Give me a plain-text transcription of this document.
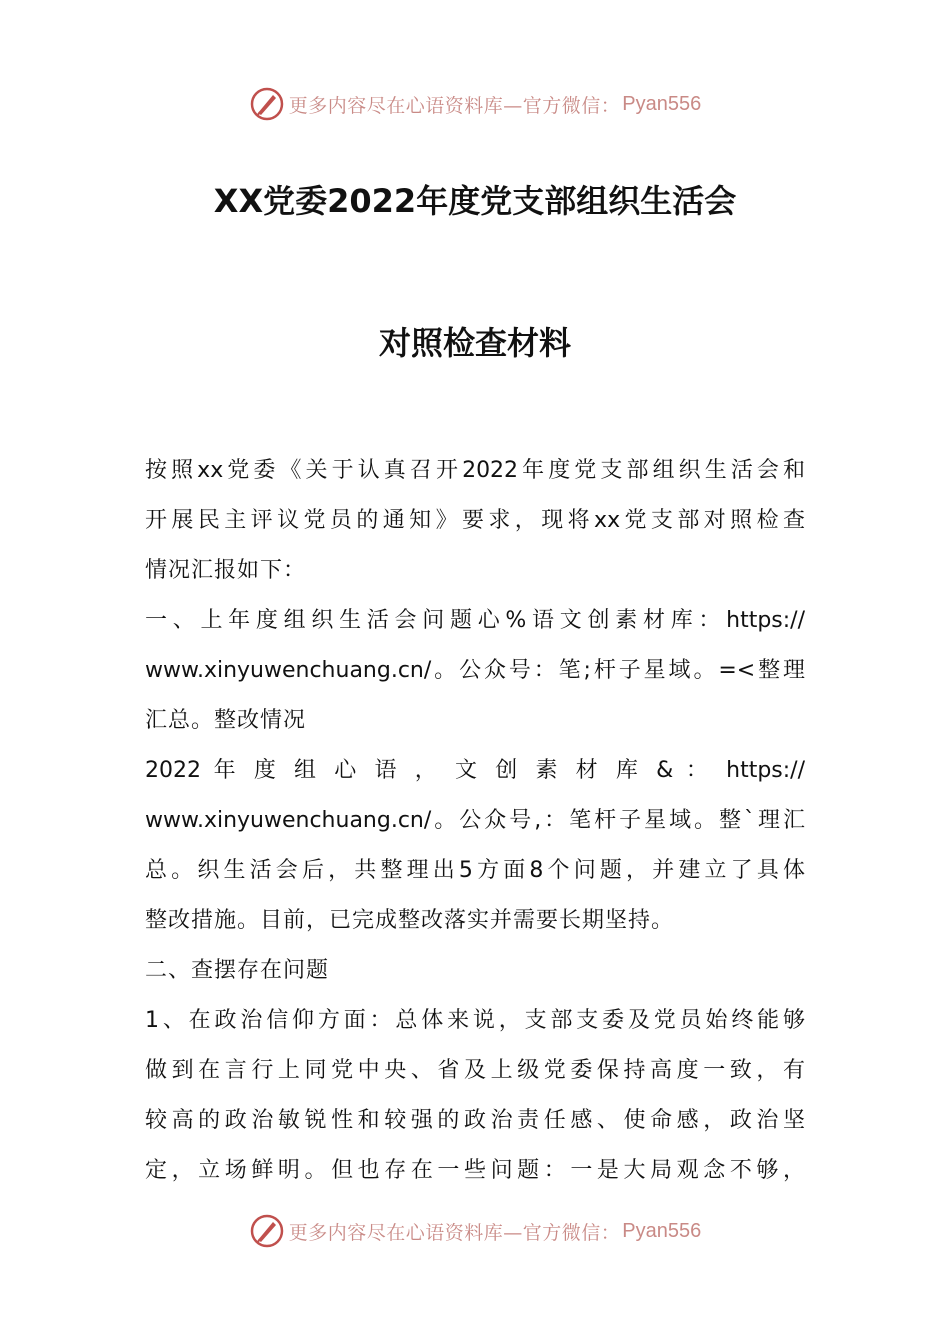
更多内容尽在心语资料库—官方微信： Pyan556
XX党委2022年度党支部组织生活会
对照检查材料
按照xx党委《关于认真召开2022年度党支部组织生活会和
开展民主评议党员的通知》要求，现将xx党支部对照检查
情况汇报如下：
一、上年度组织生活会问题心%语文创素材库：https://
www.xinyuwenchuang.cn/。公众号：笔;杆子星域。=<整理
汇总。整改情况
2022 年 度 组 心 语 ， 文 创 素 材 库 & ： https://
www.xinyuwenchuang.cn/。公众号,：笔杆子星域。整`理汇
总。织生活会后，共整理出5方面8个问题，并建立了具体
整改措施。目前，已完成整改落实并需要长期坚持。
二、查摆存在问题
1、在政治信仰方面：总体来说，支部支委及党员始终能够
做到在言行上同党中央、省及上级党委保持高度一致，有
较高的政治敏锐性和较强的政治责任感、使命感，政治坚
定，立场鲜明。但也存在一些问题：一是大局观念不够，
更多内容尽在心语资料库—官方微信： Pyan556
